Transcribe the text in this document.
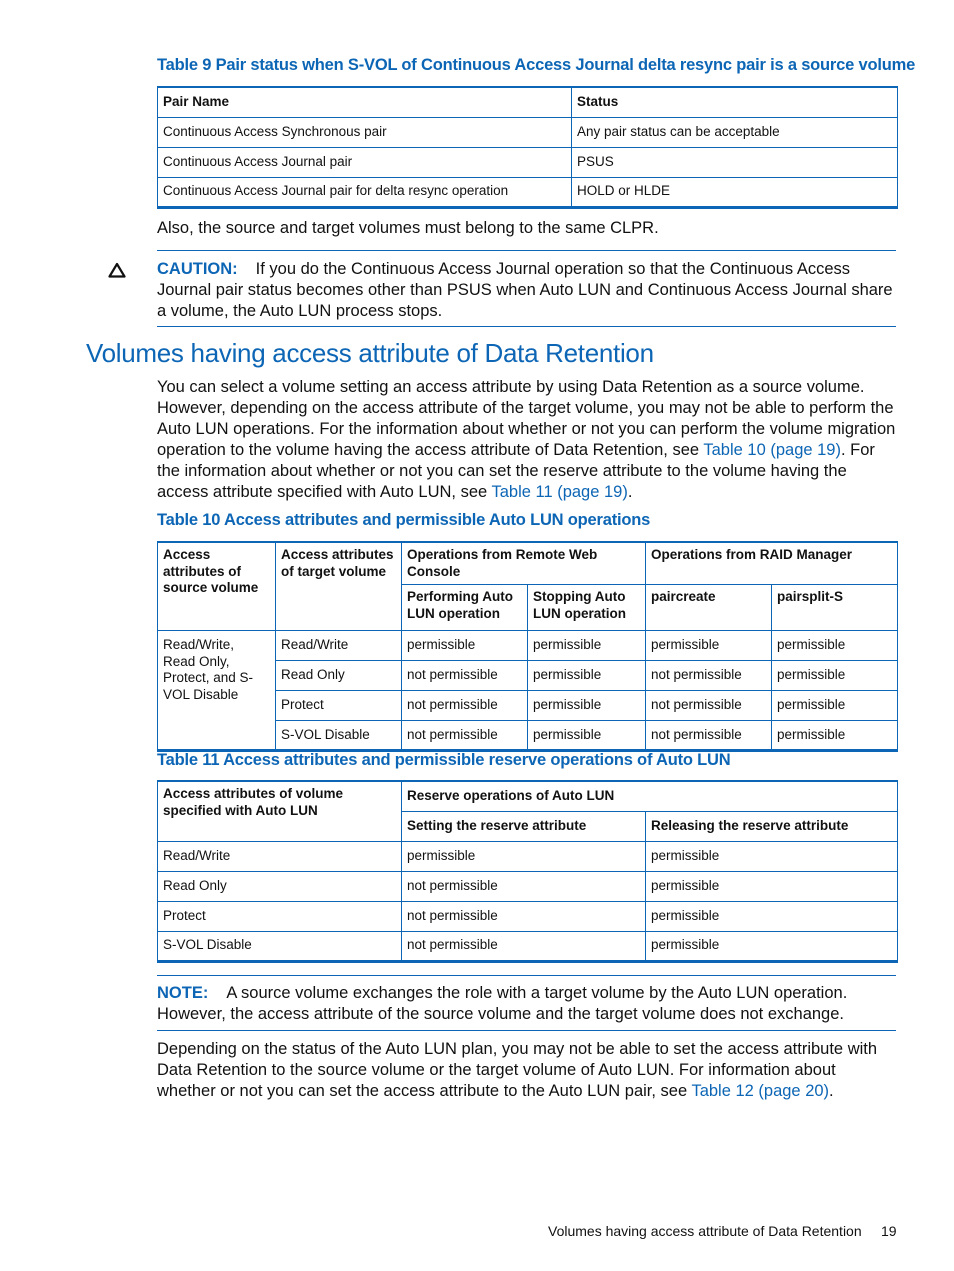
Table 9 Pair status when S-VOL of Continuous Access Journal delta resync pair is a source volume
Pair Name	Status
Continuous Access Synchronous pair	Any pair status can be acceptable
Continuous Access Journal pair	PSUS
Continuous Access Journal pair for delta resync operation	HOLD or HLDE
Also, the source and target volumes must belong to the same CLPR.
CAUTION: If you do the Continuous Access Journal operation so that the Continuous Access Journal pair status becomes other than PSUS when Auto LUN and Continuous Access Journal share a volume, the Auto LUN process stops.
Volumes having access attribute of Data Retention
You can select a volume setting an access attribute by using Data Retention as a source volume. However, depending on the access attribute of the target volume, you may not be able to perform the Auto LUN operations. For the information about whether or not you can perform the volume migration operation to the volume having the access attribute of Data Retention, see Table 10 (page 19). For the information about whether or not you can set the reserve attribute to the volume having the access attribute specified with Auto LUN, see Table 11 (page 19).
Table 10 Access attributes and permissible Auto LUN operations
Access attributes of source volume	Access attributes of target volume	Operations from Remote Web Console		Operations from RAID Manager	
		Performing Auto LUN operation	Stopping Auto LUN operation	paircreate	pairsplit-S
Read/Write, Read Only, Protect, and S-VOL Disable	Read/Write	permissible	permissible	permissible	permissible
	Read Only	not permissible	permissible	not permissible	permissible
	Protect	not permissible	permissible	not permissible	permissible
	S-VOL Disable	not permissible	permissible	not permissible	permissible
Table 11 Access attributes and permissible reserve operations of Auto LUN
Access attributes of volume specified with Auto LUN	Reserve operations of Auto LUN	
	Setting the reserve attribute	Releasing the reserve attribute
Read/Write	permissible	permissible
Read Only	not permissible	permissible
Protect	not permissible	permissible
S-VOL Disable	not permissible	permissible
NOTE: A source volume exchanges the role with a target volume by the Auto LUN operation. However, the access attribute of the source volume and the target volume does not exchange.
Depending on the status of the Auto LUN plan, you may not be able to set the access attribute with Data Retention to the source volume or the target volume of Auto LUN. For information about whether or not you can set the access attribute to the Auto LUN pair, see Table 12 (page 20).
Volumes having access attribute of Data Retention 19
